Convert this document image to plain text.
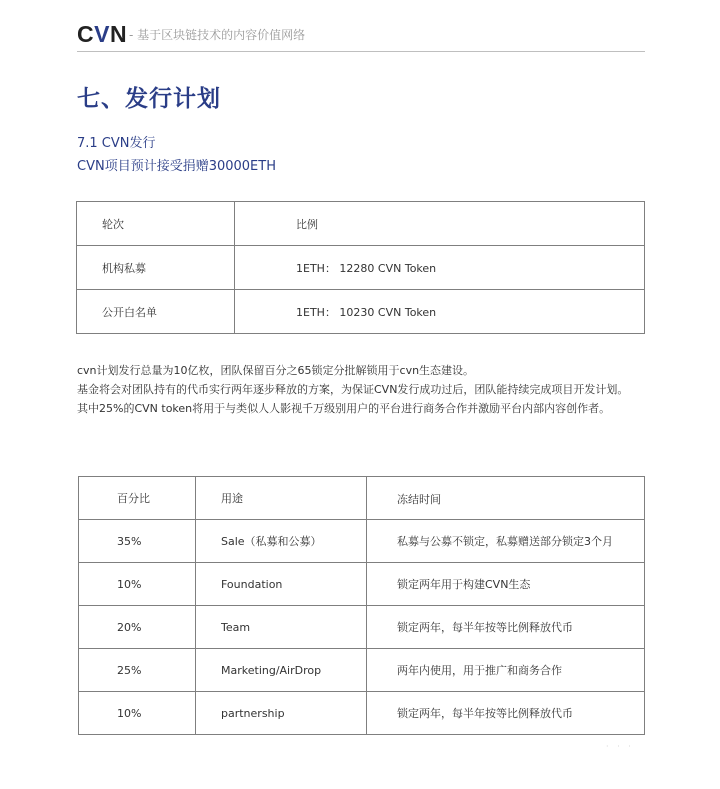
CVN - 基于区块链技术的内容价值网络
七、发行计划
7.1 CVN发行
CVN项目预计接受捐赠30000ETH
轮次	比例
机构私募	1ETH： 12280 CVN Token
公开白名单	1ETH： 10230 CVN Token

cvn计划发行总量为10亿枚，团队保留百分之65锁定分批解锁用于cvn生态建设。

基金将会对团队持有的代币实行两年逐步释放的方案，为保证CVN发行成功过后，团队能持续完成项目开发计划。

其中25%的CVN token将用于与类似人人影视千万级别用户的平台进行商务合作并激励平台内部内容创作者。

百分比	用途	冻结时间
35%	Sale（私募和公募）	私募与公募不锁定，私募赠送部分锁定3个月
10%	Foundation	锁定两年用于构建CVN生态
20%	Team	锁定两年，每半年按等比例释放代币
25%	Marketing/AirDrop	两年内使用，用于推广和商务合作
10%	partnership	锁定两年，每半年按等比例释放代币
· · ·
